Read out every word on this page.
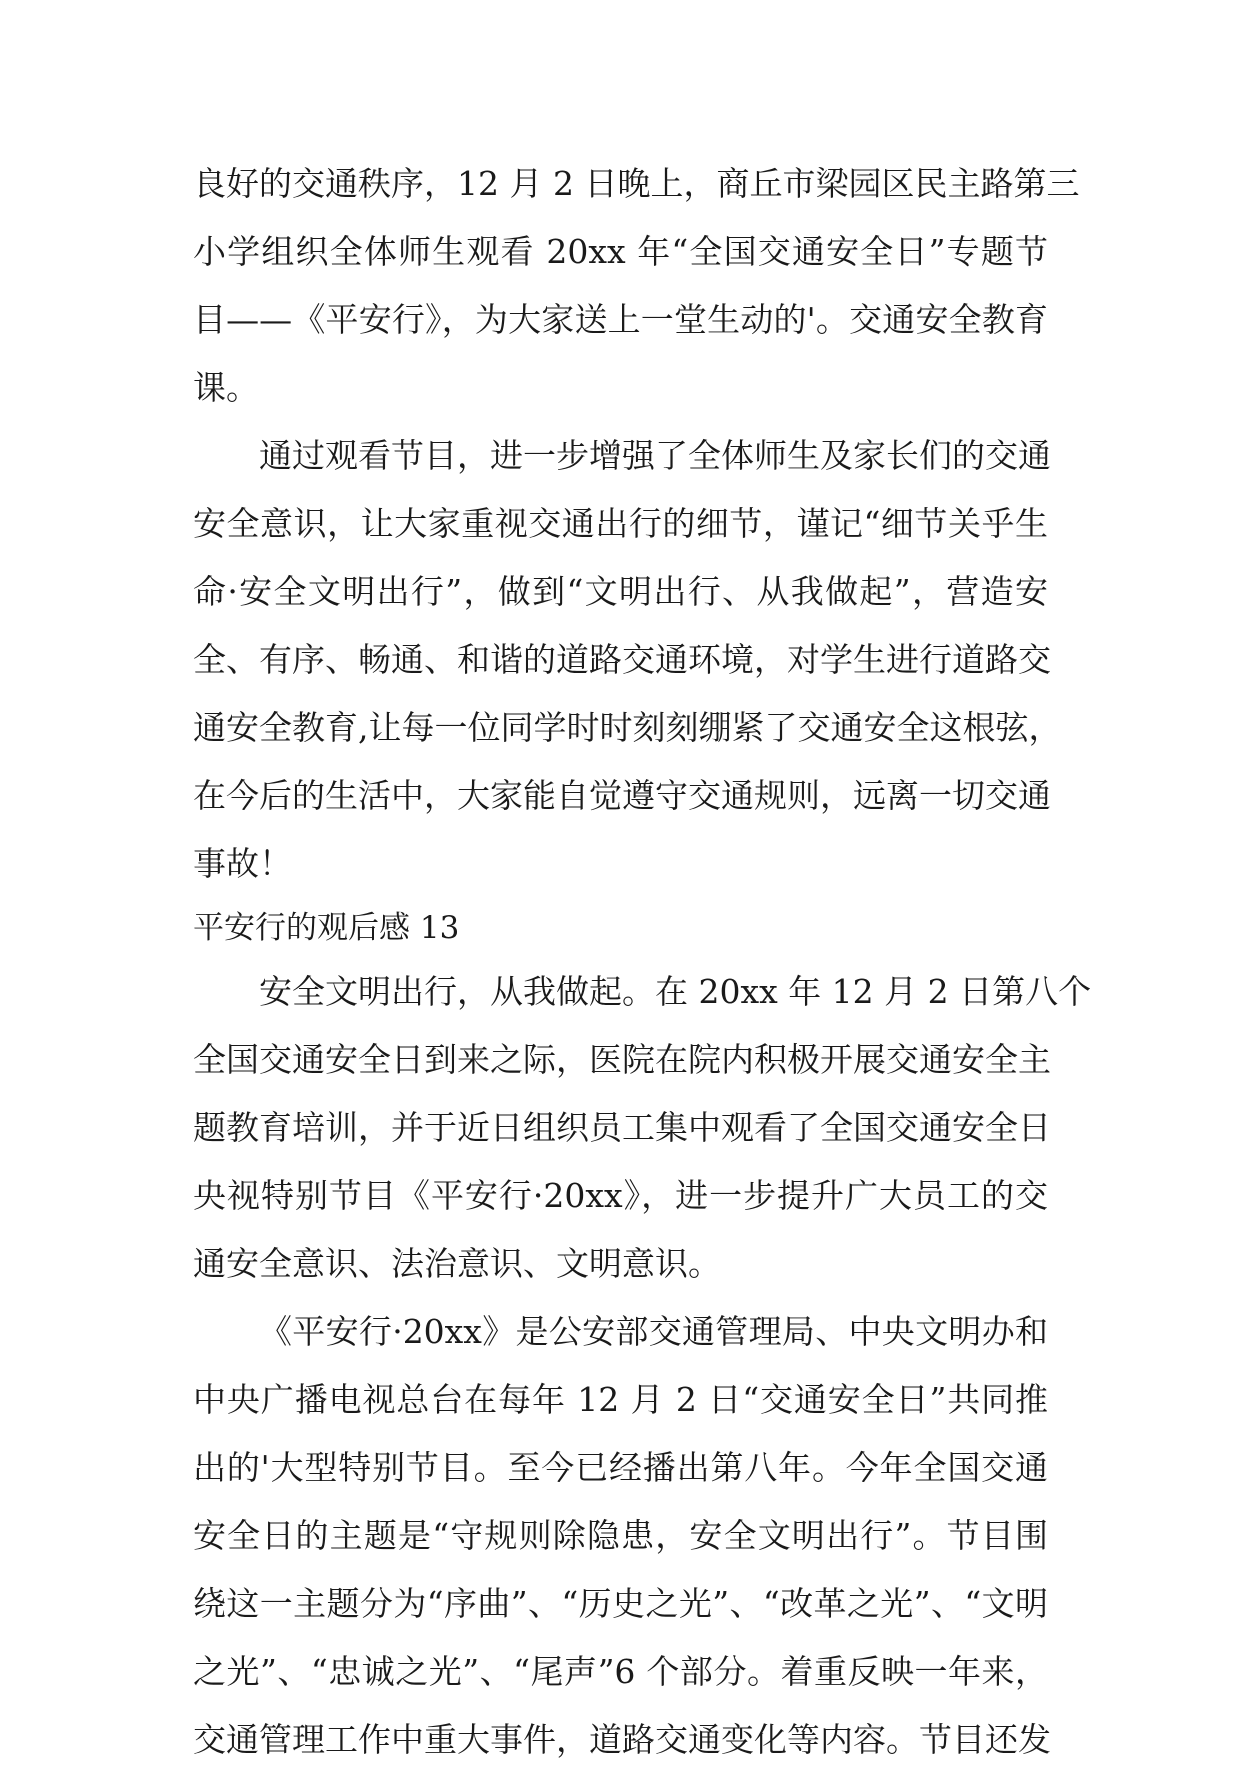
良好的交通秩序，12 月 2 日晚上，商丘市梁园区民主路第三
小学组织全体师生观看 20xx 年“全国交通安全日”专题节
目——《平安行》，为大家送上一堂生动的'。交通安全教育
课。
通过观看节目，进一步增强了全体师生及家长们的交通
安全意识，让大家重视交通出行的细节，谨记“细节关乎生
命·安全文明出行”，做到“文明出行、从我做起”，营造安
全、有序、畅通、和谐的道路交通环境，对学生进行道路交
通安全教育,让每一位同学时时刻刻绷紧了交通安全这根弦，
在今后的生活中，大家能自觉遵守交通规则，远离一切交通
事故！
平安行的观后感 13
安全文明出行，从我做起。在 20xx 年 12 月 2 日第八个
全国交通安全日到来之际，医院在院内积极开展交通安全主
题教育培训，并于近日组织员工集中观看了全国交通安全日
央视特别节目《平安行·20xx》，进一步提升广大员工的交
通安全意识、法治意识、文明意识。
《平安行·20xx》是公安部交通管理局、中央文明办和
中央广播电视总台在每年 12 月 2 日“交通安全日”共同推
出的'大型特别节目。至今已经播出第八年。今年全国交通
安全日的主题是“守规则除隐患，安全文明出行”。节目围
绕这一主题分为“序曲”、“历史之光”、“改革之光”、“文明
之光”、“忠诚之光”、“尾声”6 个部分。着重反映一年来，
交通管理工作中重大事件，道路交通变化等内容。节目还发
